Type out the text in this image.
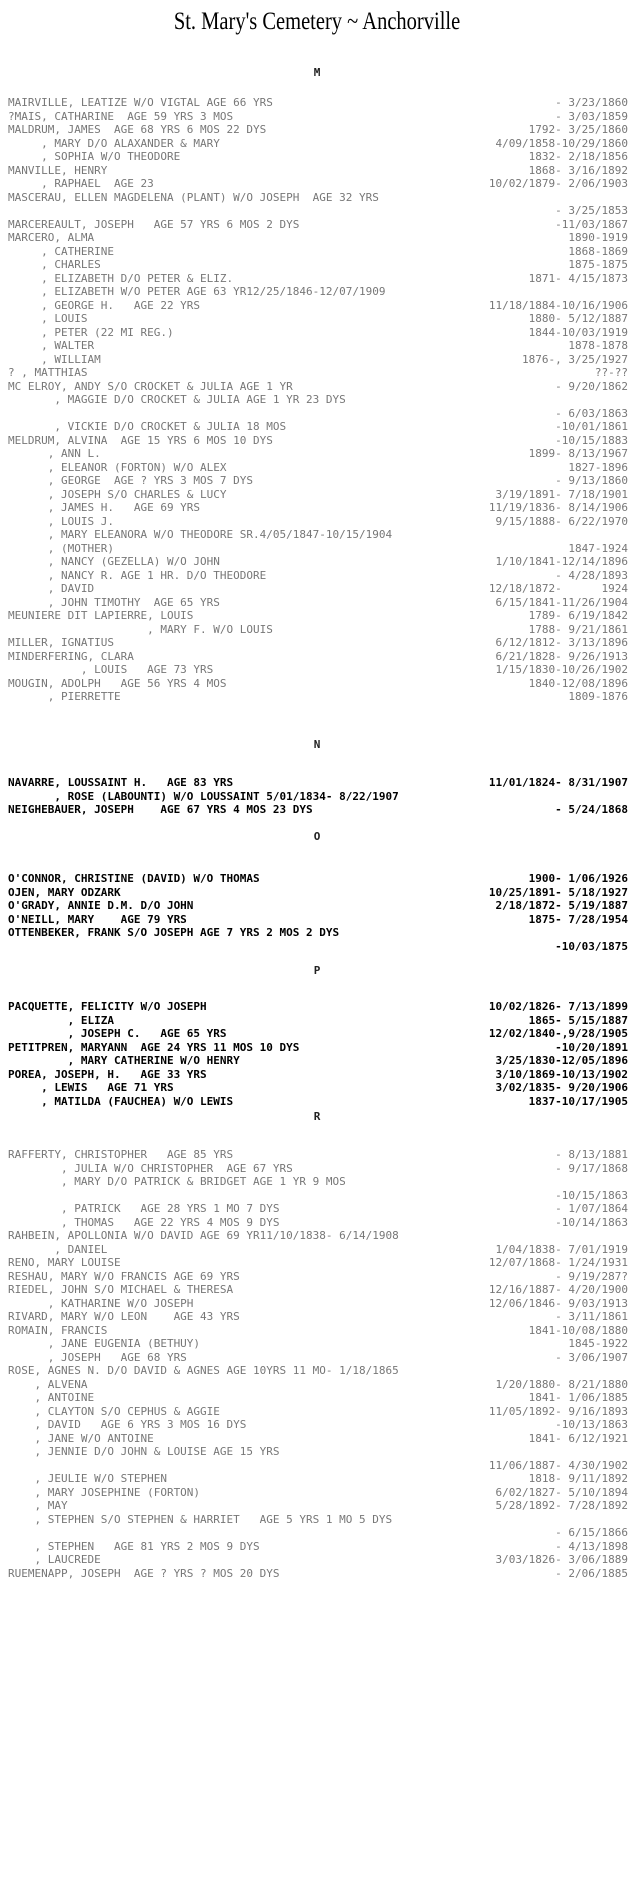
St. Mary's Cemetery ~ Anchorville
M
MAIRVILLE, LEATIZE W/O VIGTAL AGE 66 YRS	- 3/23/1860
?MAIS, CATHARINE  AGE 59 YRS 3 MOS	- 3/03/1859
MALDRUM, JAMES  AGE 68 YRS 6 MOS 22 DYS	1792- 3/25/1860
, MARY D/O ALAXANDER & MARY	4/09/1858-10/29/1860
, SOPHIA W/O THEODORE	1832- 2/18/1856
MANVILLE, HENRY	1868- 3/16/1892
, RAPHAEL  AGE 23	10/02/1879- 2/06/1903
MASCERAU, ELLEN MAGDELENA (PLANT) W/O JOSEPH  AGE 32 YRS
- 3/25/1853
MARCEREAULT, JOSEPH   AGE 57 YRS 6 MOS 2 DYS	-11/03/1867
MARCERO, ALMA	1890-1919
, CATHERINE	1868-1869
, CHARLES	1875-1875
, ELIZABETH D/O PETER & ELIZ.	1871- 4/15/1873
, ELIZABETH W/O PETER AGE 63 YR12/25/1846-12/07/1909
, GEORGE H.   AGE 22 YRS	11/18/1884-10/16/1906
, LOUIS	1880- 5/12/1887
, PETER (22 MI REG.)	1844-10/03/1919
, WALTER	1878-1878
, WILLIAM	1876-, 3/25/1927
? , MATTHIAS	??-??
MC ELROY, ANDY S/O CROCKET & JULIA AGE 1 YR	- 9/20/1862
, MAGGIE D/O CROCKET & JULIA AGE 1 YR 23 DYS
- 6/03/1863
, VICKIE D/O CROCKET & JULIA 18 MOS	-10/01/1861
MELDRUM, ALVINA  AGE 15 YRS 6 MOS 10 DYS	-10/15/1883
, ANN L.	1899- 8/13/1967
, ELEANOR (FORTON) W/O ALEX	1827-1896
, GEORGE  AGE ? YRS 3 MOS 7 DYS	- 9/13/1860
, JOSEPH S/O CHARLES & LUCY	3/19/1891- 7/18/1901
, JAMES H.   AGE 69 YRS	11/19/1836- 8/14/1906
, LOUIS J.	9/15/1888- 6/22/1970
, MARY ELEANORA W/O THEODORE SR.4/05/1847-10/15/1904
, (MOTHER)	1847-1924
, NANCY (GEZELLA) W/O JOHN	1/10/1841-12/14/1896
, NANCY R. AGE 1 HR. D/O THEODORE	- 4/28/1893
, DAVID	12/18/1872-      1924
, JOHN TIMOTHY  AGE 65 YRS	6/15/1841-11/26/1904
MEUNIERE DIT LAPIERRE, LOUIS	1789- 6/19/1842
, MARY F. W/O LOUIS	1788- 9/21/1861
MILLER, IGNATIUS	6/12/1812- 3/13/1896
MINDERFERING, CLARA	6/21/1828- 9/26/1913
, LOUIS   AGE 73 YRS	1/15/1830-10/26/1902
MOUGIN, ADOLPH   AGE 56 YRS 4 MOS	1840-12/08/1896
, PIERRETTE	1809-1876
N
NAVARRE, LOUSSAINT H.   AGE 83 YRS	11/01/1824- 8/31/1907
, ROSE (LABOUNTI) W/O LOUSSAINT 5/01/1834- 8/22/1907
NEIGHEBAUER, JOSEPH    AGE 67 YRS 4 MOS 23 DYS	- 5/24/1868
O
O'CONNOR, CHRISTINE (DAVID) W/O THOMAS	1900- 1/06/1926
OJEN, MARY ODZARK	10/25/1891- 5/18/1927
O'GRADY, ANNIE D.M. D/O JOHN	2/18/1872- 5/19/1887
O'NEILL, MARY    AGE 79 YRS	1875- 7/28/1954
OTTENBEKER, FRANK S/O JOSEPH AGE 7 YRS 2 MOS 2 DYS
-10/03/1875
P
PACQUETTE, FELICITY W/O JOSEPH	10/02/1826- 7/13/1899
, ELIZA	1865- 5/15/1887
, JOSEPH C.   AGE 65 YRS	12/02/1840-,9/28/1905
PETITPREN, MARYANN  AGE 24 YRS 11 MOS 10 DYS	-10/20/1891
, MARY CATHERINE W/O HENRY	3/25/1830-12/05/1896
POREA, JOSEPH, H.   AGE 33 YRS	3/10/1869-10/13/1902
, LEWIS   AGE 71 YRS	3/02/1835- 9/20/1906
, MATILDA (FAUCHEA) W/O LEWIS	1837-10/17/1905
R
RAFFERTY, CHRISTOPHER   AGE 85 YRS	- 8/13/1881
, JULIA W/O CHRISTOPHER  AGE 67 YRS	- 9/17/1868
, MARY D/O PATRICK & BRIDGET AGE 1 YR 9 MOS
-10/15/1863
, PATRICK   AGE 28 YRS 1 MO 7 DYS	- 1/07/1864
, THOMAS   AGE 22 YRS 4 MOS 9 DYS	-10/14/1863
RAHBEIN, APOLLONIA W/O DAVID AGE 69 YR11/10/1838- 6/14/1908
, DANIEL	1/04/1838- 7/01/1919
RENO, MARY LOUISE	12/07/1868- 1/24/1931
RESHAU, MARY W/O FRANCIS AGE 69 YRS	- 9/19/287?
RIEDEL, JOHN S/O MICHAEL & THERESA	12/16/1887- 4/20/1900
, KATHARINE W/O JOSEPH	12/06/1846- 9/03/1913
RIVARD, MARY W/O LEON    AGE 43 YRS	- 3/11/1861
ROMAIN, FRANCIS	1841-10/08/1880
, JANE EUGENIA (BETHUY)	1845-1922
, JOSEPH   AGE 68 YRS	- 3/06/1907
ROSE, AGNES N. D/O DAVID & AGNES AGE 10YRS 11 MO- 1/18/1865
, ALVENA	1/20/1880- 8/21/1880
, ANTOINE	1841- 1/06/1885
, CLAYTON S/O CEPHUS & AGGIE	11/05/1892- 9/16/1893
, DAVID   AGE 6 YRS 3 MOS 16 DYS	-10/13/1863
, JANE W/O ANTOINE	1841- 6/12/1921
, JENNIE D/O JOHN & LOUISE AGE 15 YRS
11/06/1887- 4/30/1902
, JEULIE W/O STEPHEN	1818- 9/11/1892
, MARY JOSEPHINE (FORTON)	6/02/1827- 5/10/1894
, MAY	5/28/1892- 7/28/1892
, STEPHEN S/O STEPHEN & HARRIET   AGE 5 YRS 1 MO 5 DYS
- 6/15/1866
, STEPHEN   AGE 81 YRS 2 MOS 9 DYS	- 4/13/1898
, LAUCREDE	3/03/1826- 3/06/1889
RUEMENAPP, JOSEPH  AGE ? YRS ? MOS 20 DYS	- 2/06/1885
